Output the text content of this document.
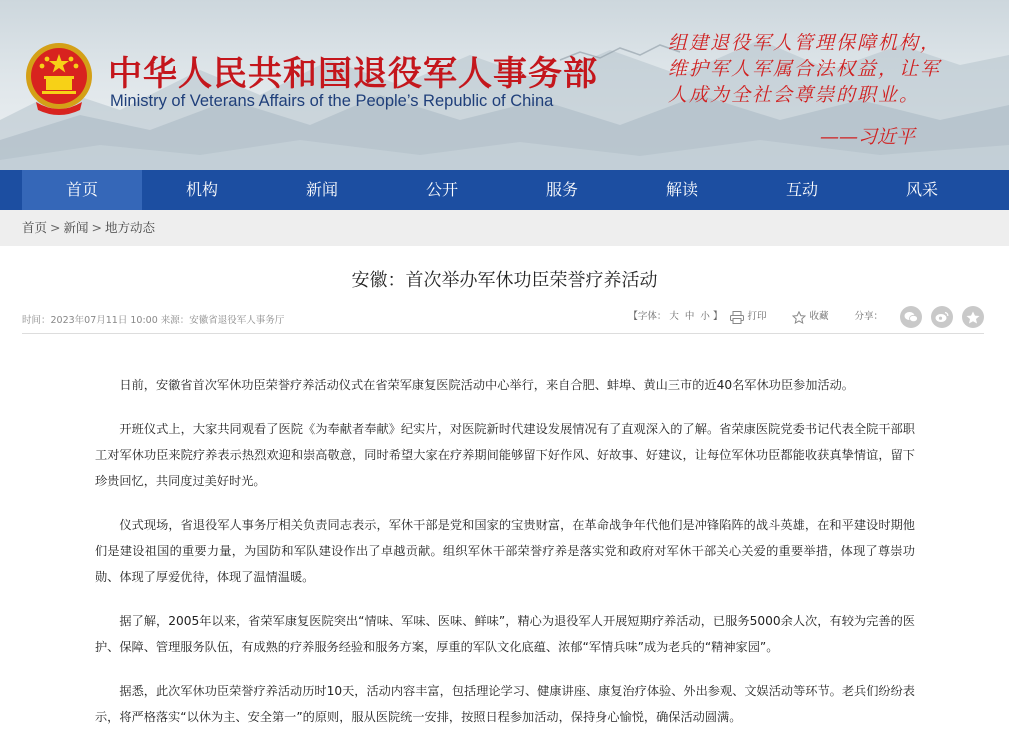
中华人民共和国退役军人事务部
Ministry of Veterans Affairs of the People’s Republic of China
组建退役军人管理保障机构，维护军人军属合法权益，让军人成为全社会尊崇的职业。
——习近平
首页	机构	新闻	公开	服务	解读	互动	风采
首页 > 新闻 > 地方动态
安徽：首次举办军休功臣荣誉疗养活动
时间：2023年07月11日 10:00 来源：安徽省退役军人事务厅	【字体： 大 中 小 】	打印	收藏	分享：

日前，安徽省首次军休功臣荣誉疗养活动仪式在省荣军康复医院活动中心举行，来自合肥、蚌埠、黄山三市的近40名军休功臣参加活动。

开班仪式上，大家共同观看了医院《为奉献者奉献》纪实片，对医院新时代建设发展情况有了直观深入的了解。省荣康医院党委书记代表全院干部职工对军休功臣来院疗养表示热烈欢迎和崇高敬意，同时希望大家在疗养期间能够留下好作风、好故事、好建议，让每位军休功臣都能收获真挚情谊，留下珍贵回忆，共同度过美好时光。

仪式现场，省退役军人事务厅相关负责同志表示，军休干部是党和国家的宝贵财富，在革命战争年代他们是冲锋陷阵的战斗英雄，在和平建设时期他们是建设祖国的重要力量，为国防和军队建设作出了卓越贡献。组织军休干部荣誉疗养是落实党和政府对军休干部关心关爱的重要举措，体现了尊崇功勋、体现了厚爱优待，体现了温情温暖。

据了解，2005年以来，省荣军康复医院突出“情味、军味、医味、鲜味”，精心为退役军人开展短期疗养活动，已服务5000余人次，有较为完善的医护、保障、管理服务队伍，有成熟的疗养服务经验和服务方案，厚重的军队文化底蕴、浓郁“军情兵味”成为老兵的“精神家园”。

据悉，此次军休功臣荣誉疗养活动历时10天，活动内容丰富，包括理论学习、健康讲座、康复治疗体验、外出参观、文娱活动等环节。老兵们纷纷表示，将严格落实“以休为主、安全第一”的原则，服从医院统一安排，按照日程参加活动，保持身心愉悦，确保活动圆满。
